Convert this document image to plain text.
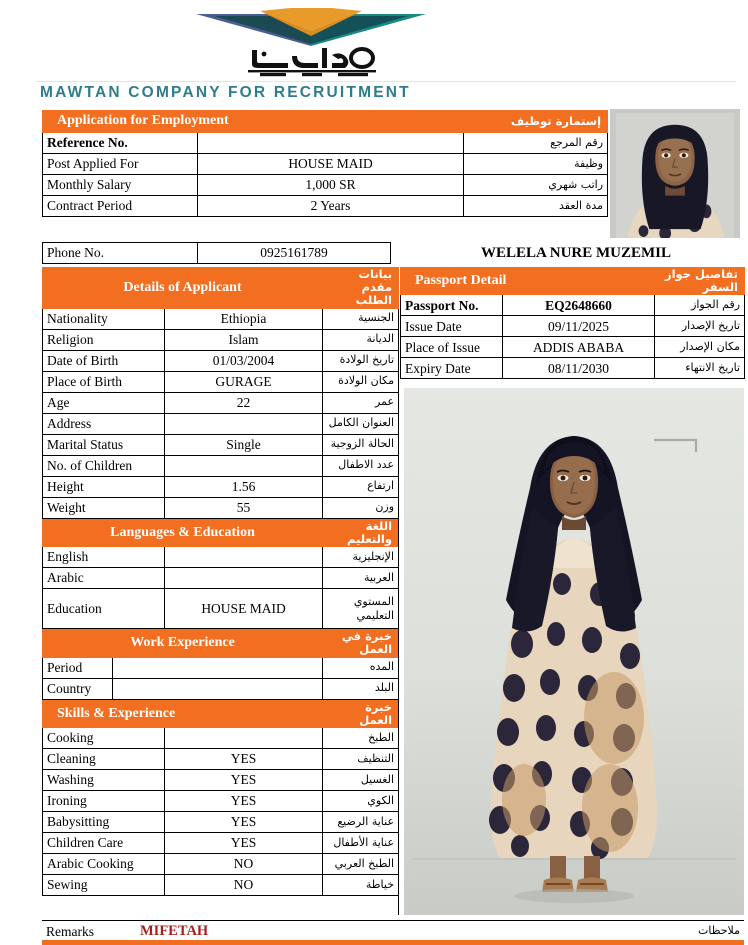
MAWTAN COMPANY FOR RECRUITMENT
Application for Employment		إستمارة توظيف
Reference No.		رقم المرجع
Post Applied For	HOUSE MAID	وظيفة
Monthly Salary	1,000 SR	راتب شهري
Contract Period	2 Years	مدة العقد
Phone No.	0925161789	WELELA NURE MUZEMIL
Details of Applicant		بيانات مقدم الطلب
Nationality	Ethiopia	الجنسية
Religion	Islam	الديانة
Date of Birth	01/03/2004	تاريخ الولادة
Place of Birth	GURAGE	مكان الولادة
Age	22	عمر
Address		العنوان الكامل
Marital Status	Single	الحالة الزوجية
No. of Children		عدد الاطفال
Height	1.56	ارتفاع
Weight	55	وزن
Languages & Education		اللغة والتعليم
English		الإنجليزية
Arabic		العربية
Education	HOUSE MAID	المستوي التعليمي
Work Experience		خبرة في العمل
Period		المده
Country		البلد
Skills & Experience		خبرة العمل
Cooking		الطبخ
Cleaning	YES	التنظيف
Washing	YES	الغسيل
Ironing	YES	الكوي
Babysitting	YES	عناية الرضيع
Children Care	YES	عناية الأطفال
Arabic Cooking	NO	الطبخ العربي
Sewing	NO	خياطة
Passport Detail		تفاصيل جواز السفر
Passport No.	EQ2648660	رقم الجواز
Issue Date	09/11/2025	تاريخ الإصدار
Place of Issue	ADDIS ABABA	مكان الإصدار
Expiry Date	08/11/2030	تاريخ الانتهاء
Remarks	MIFETAH	ملاحظات
